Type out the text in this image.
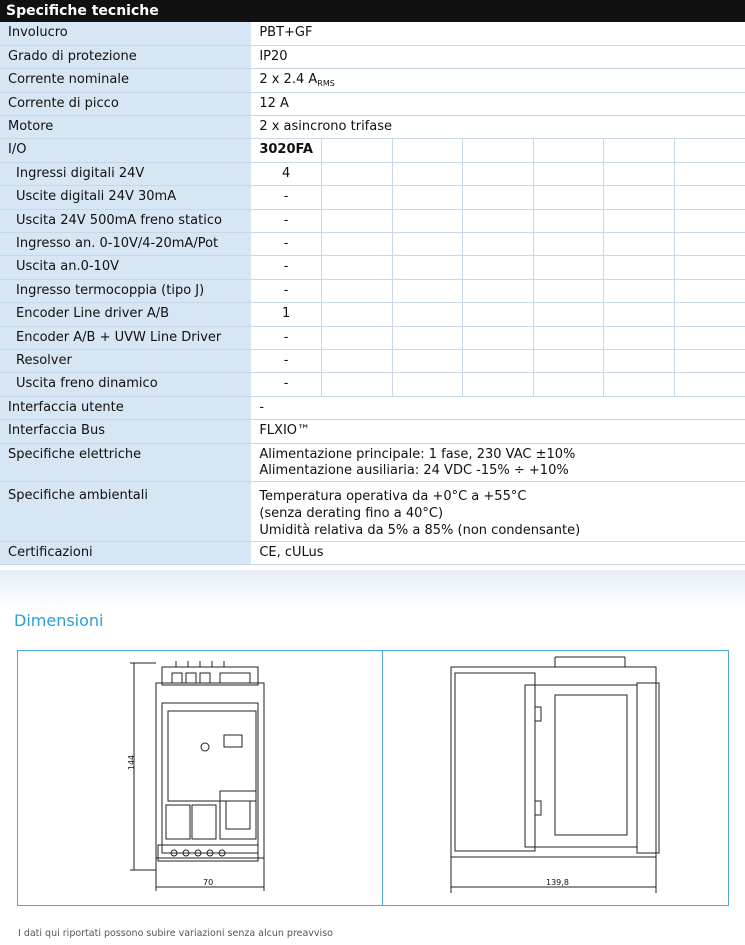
Specifiche tecniche
Involucro	PBT+GF						
Grado di protezione	IP20						
Corrente nominale	2 x 2.4 $A_{RMS}$
Corrente di picco	12 A						
Motore	2 x asincrono trifase						
I/O	3020FA						
Ingressi digitali 24V	4						
Uscite digitali 24V 30mA	-						
Uscita 24V 500mA freno statico	-						
Ingresso an. 0-10V/4-20mA/Pot	-						
Uscita an.0-10V	-						
Ingresso termocoppia (tipo J)	-						
Encoder Line driver A/B	1						
Encoder A/B + UVW Line Driver	-						
Resolver	-						
Uscita freno dinamico	-						
Interfaccia utente	-						
Interfaccia Bus	FLXIO™						
Specifiche elettriche	Alimentazione principale: 1 fase, 230 VAC ±10%
Alimentazione ausiliaria: 24 VDC -15% ÷ +10%						

Specifiche ambientali	Temperatura operativa da +0°C a +55°C
(senza derating fino a 40°C)
Umidità relativa da 5% a 85% (non condensante)						

Certificazioni	CE, cULus						
Dimensioni
144
70	139,8
I dati qui riportati possono subire variazioni senza alcun preavviso
